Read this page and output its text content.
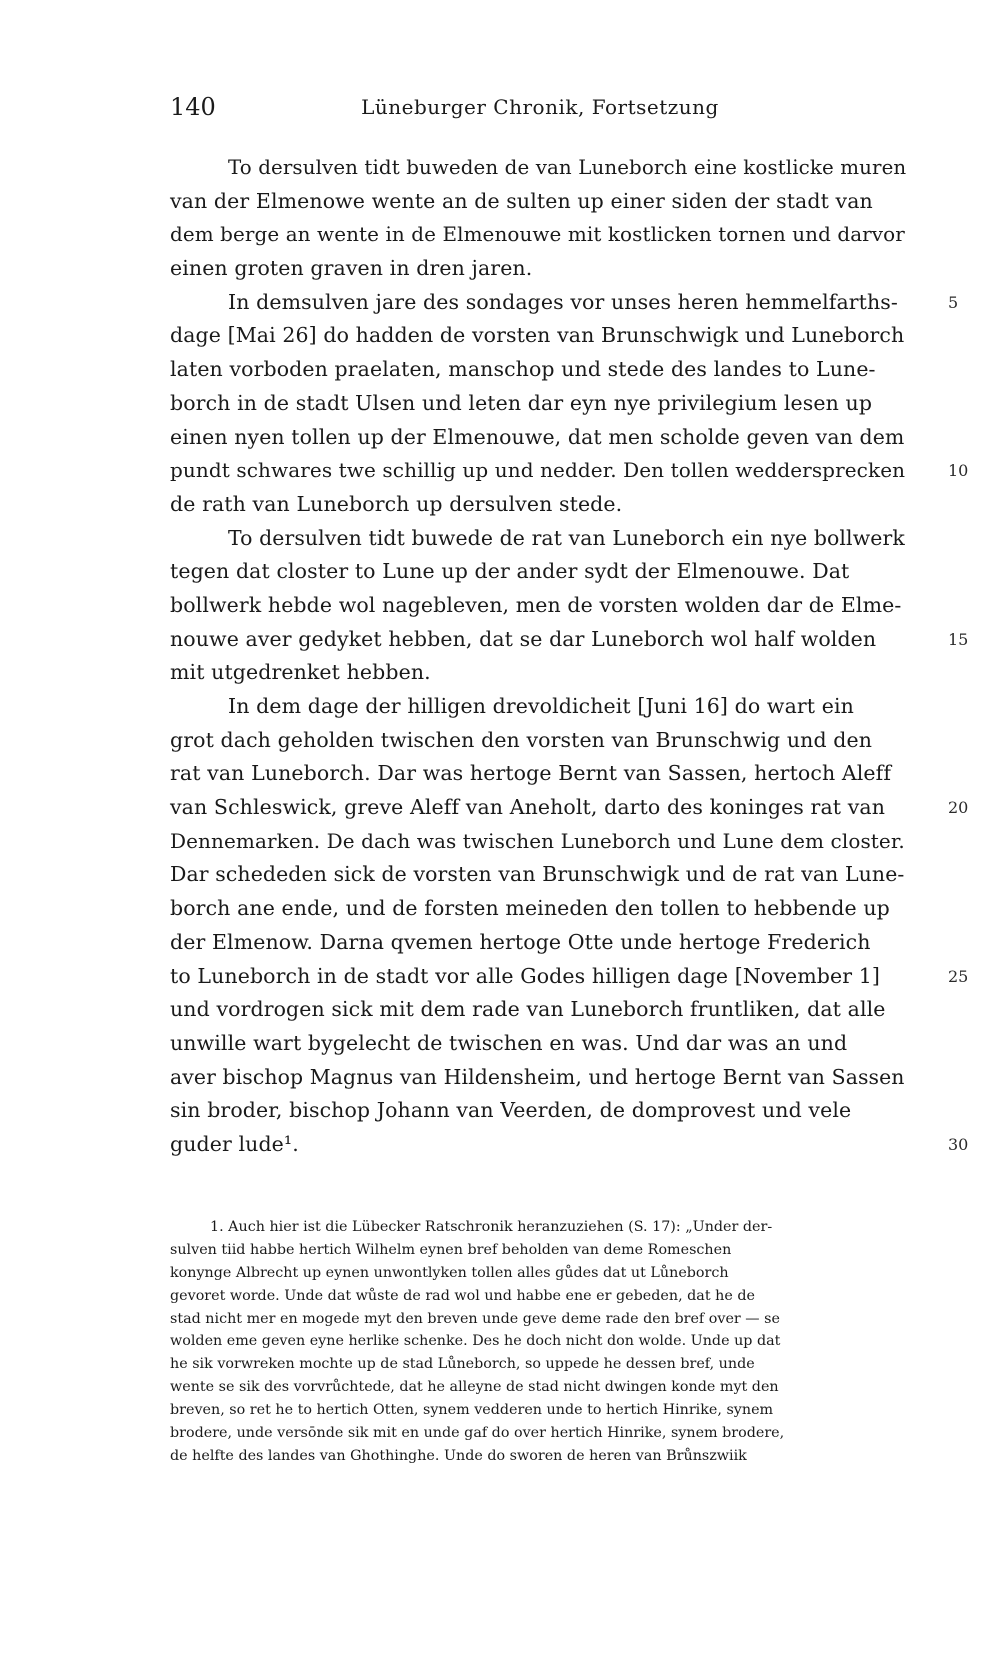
140	Lüneburger Chronik, Fortsetzung
To dersulven tidt buweden de van Luneborch eine kostlicke muren
van der Elmenowe wente an de sulten up einer siden der stadt van
dem berge an wente in de Elmenouwe mit kostlicken tornen und darvor
einen groten graven in dren jaren.
In demsulven jare des sondages vor unses heren hemmelfarths-	5
dage [Mai 26] do hadden de vorsten van Brunschwigk und Luneborch
laten vorboden praelaten, manschop und stede des landes to Lune-
borch in de stadt Ulsen und leten dar eyn nye privilegium lesen up
einen nyen tollen up der Elmenouwe, dat men scholde geven van dem
pundt schwares twe schillig up und nedder. Den tollen weddersprecken	10
de rath van Luneborch up dersulven stede.
To dersulven tidt buwede de rat van Luneborch ein nye bollwerk
tegen dat closter to Lune up der ander sydt der Elmenouwe. Dat
bollwerk hebde wol nagebleven, men de vorsten wolden dar de Elme-
nouwe aver gedyket hebben, dat se dar Luneborch wol half wolden	15
mit utgedrenket hebben.
In dem dage der hilligen drevoldicheit [Juni 16] do wart ein
grot dach geholden twischen den vorsten van Brunschwig und den
rat van Luneborch. Dar was hertoge Bernt van Sassen, hertoch Aleff
van Schleswick, greve Aleff van Aneholt, darto des koninges rat van	20
Dennemarken. De dach was twischen Luneborch und Lune dem closter.
Dar schededen sick de vorsten van Brunschwigk und de rat van Lune-
borch ane ende, und de forsten meineden den tollen to hebbende up
der Elmenow. Darna qvemen hertoge Otte unde hertoge Frederich
to Luneborch in de stadt vor alle Godes hilligen dage [November 1]	25
und vordrogen sick mit dem rade van Luneborch fruntliken, dat alle
unwille wart bygelecht de twischen en was. Und dar was an und
aver bischop Magnus van Hildensheim, und hertoge Bernt van Sassen
sin broder, bischop Johann van Veerden, de domprovest und vele
guder lude¹.	30
1. Auch hier ist die Lübecker Ratschronik heranzuziehen (S. 17): „Under der-
sulven tiid habbe hertich Wilhelm eynen bref beholden van deme Romeschen
konynge Albrecht up eynen unwontlyken tollen alles gůdes dat ut Lůneborch
gevoret worde. Unde dat wůste de rad wol und habbe ene er gebeden, dat he de
stad nicht mer en mogede myt den breven unde geve deme rade den bref over — se
wolden eme geven eyne herlike schenke. Des he doch nicht don wolde. Unde up dat
he sik vorwreken mochte up de stad Lůneborch, so uppede he dessen bref, unde
wente se sik des vorvrůchtede, dat he alleyne de stad nicht dwingen konde myt den
breven, so ret he to hertich Otten, synem vedderen unde to hertich Hinrike, synem
brodere, unde versōnde sik mit en unde gaf do over hertich Hinrike, synem brodere,
de helfte des landes van Ghothinghe. Unde do sworen de heren van Brůnszwiik
